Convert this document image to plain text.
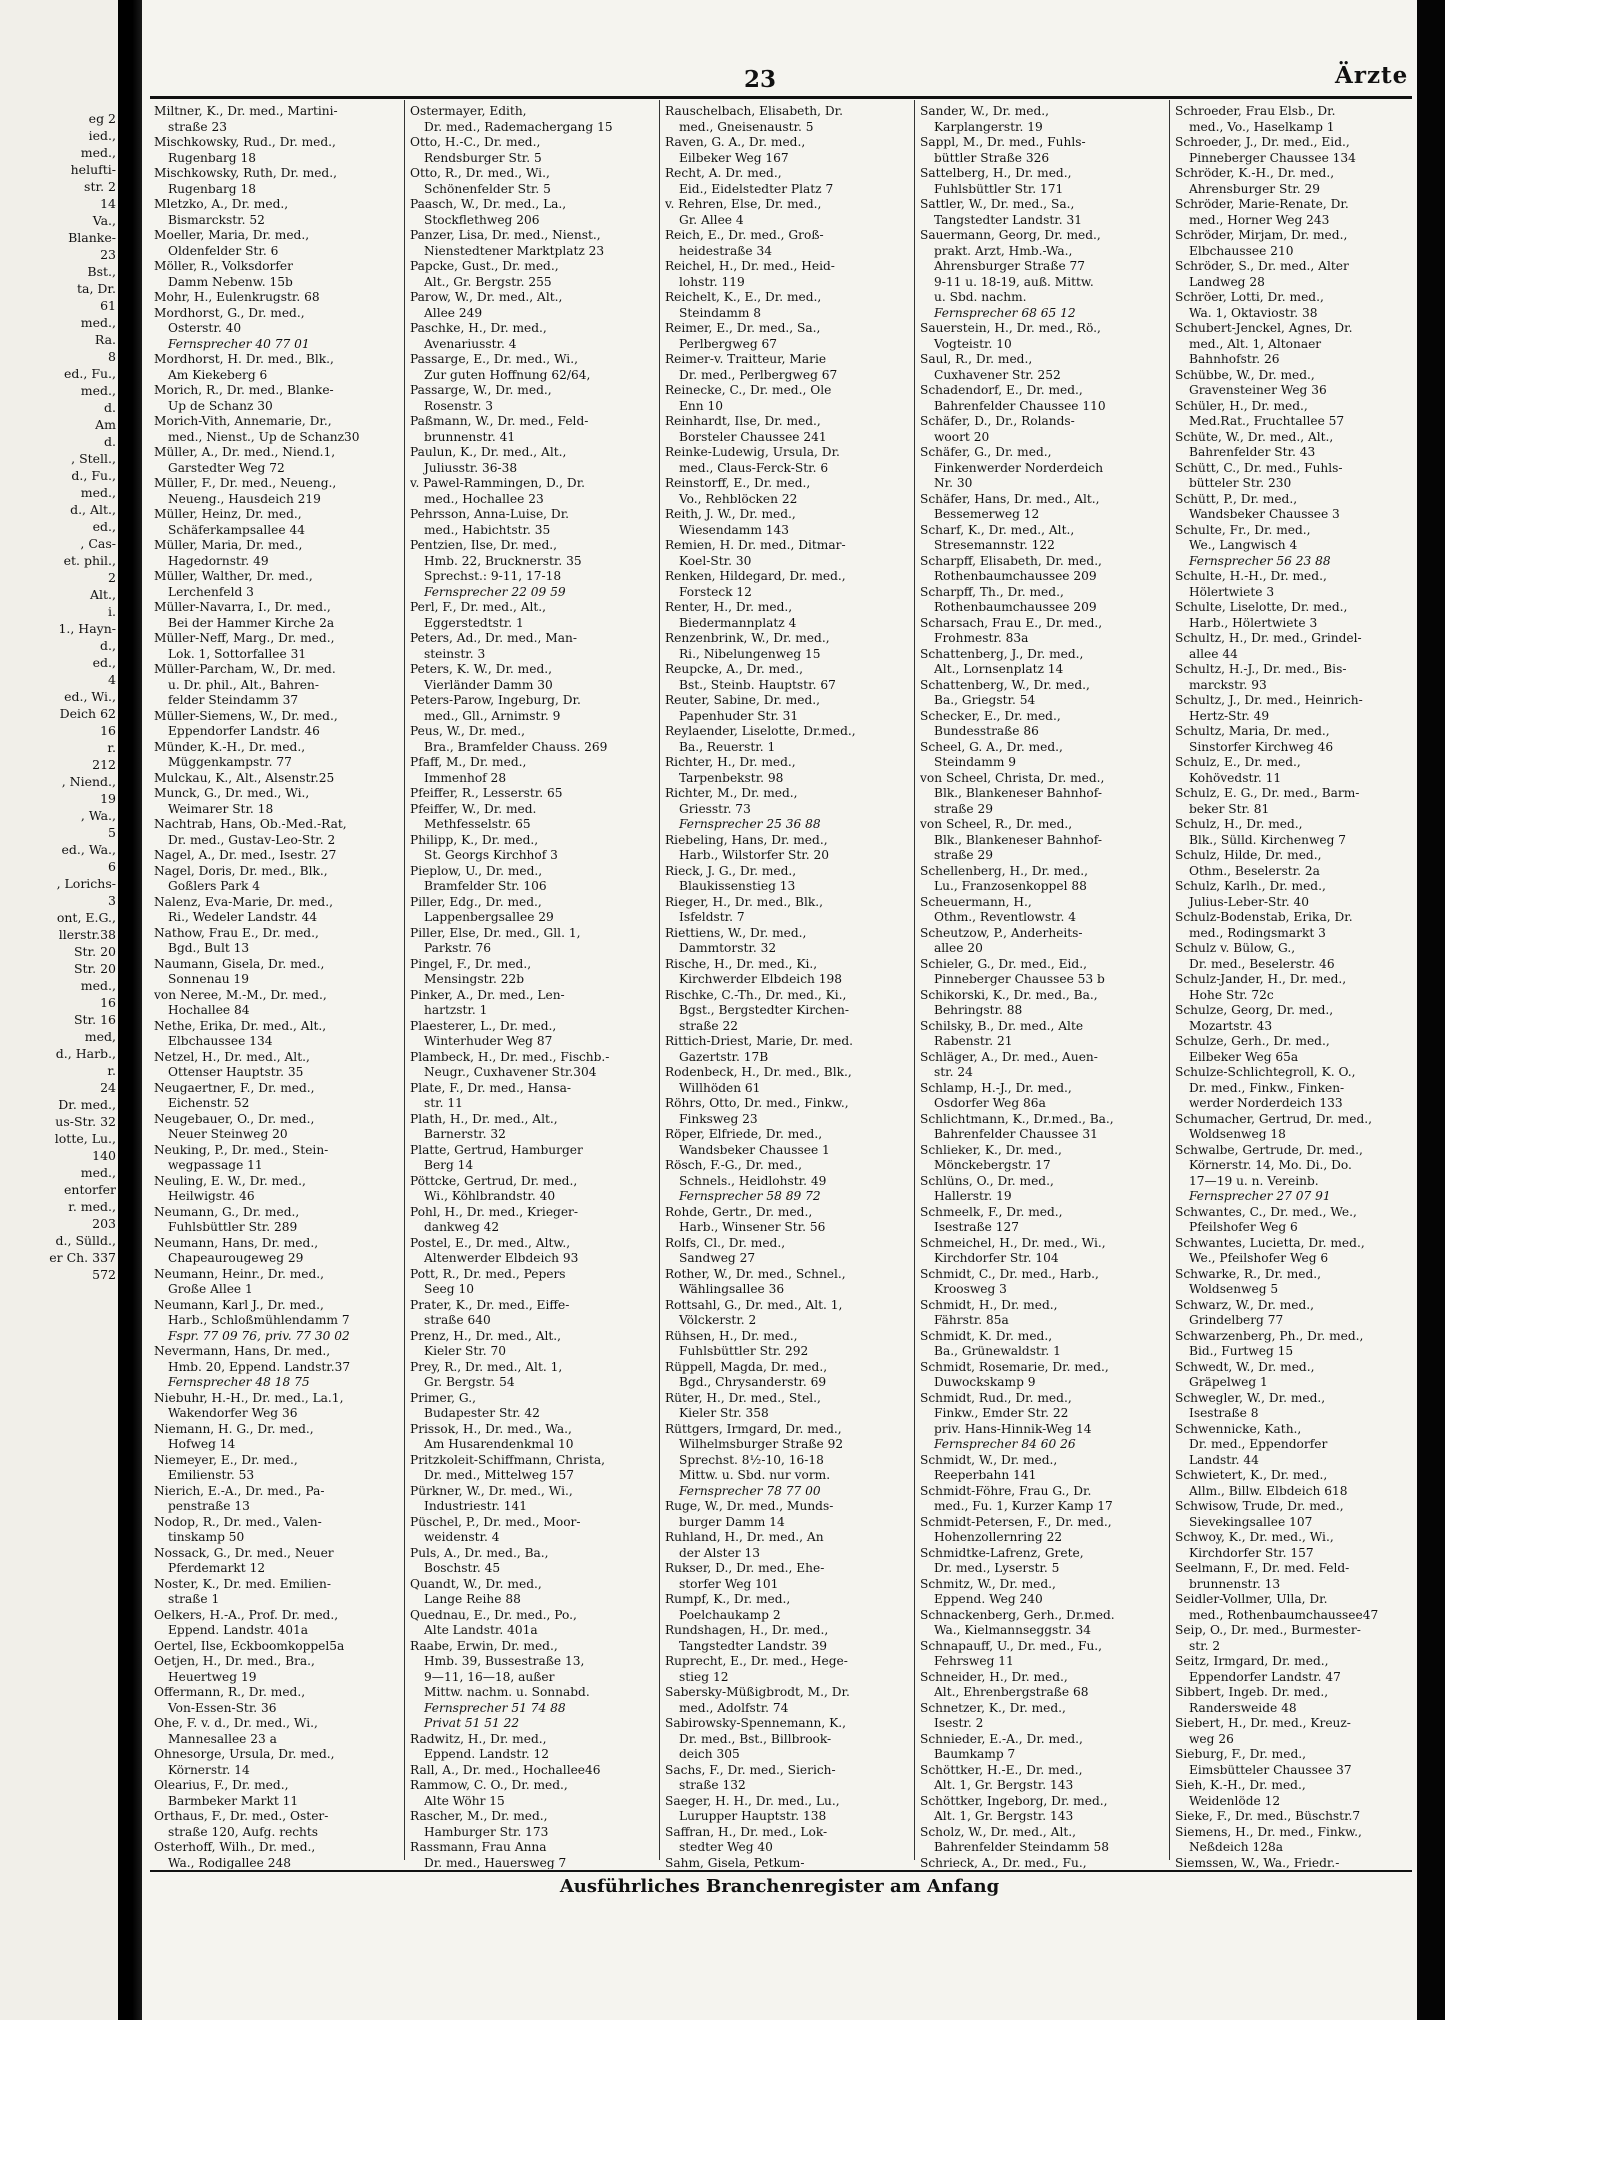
eg 2
ied.,
med.,
helufti-
str. 2
14
Va.,
Blanke-
23
Bst.,
ta, Dr.
61
med.,
Ra.
8
ed., Fu.,
med.,
d.
Am
d.
, Stell.,
d., Fu.,
med.,
d., Alt.,
ed.,
, Cas-
et. phil.,
2
Alt.,
i.
1., Hayn-
d.,
ed.,
4
ed., Wi.,
Deich 62
16
r.
212
, Niend.,
19
, Wa.,
5
ed., Wa.,
6
, Lorichs-
3
ont, E.G.,
llerstr.38
Str. 20
Str. 20
med.,
16
Str. 16
med,
d., Harb.,
r.
24
Dr. med.,
us-Str. 32
lotte, Lu.,
140
med.,
entorfer
r. med.,
203
d., Sülld.,
er Ch. 337
572
23	Ärzte
Miltner, K., Dr. med., Martini-
straße 23
Mischkowsky, Rud., Dr. med.,
Rugenbarg 18
Mischkowsky, Ruth, Dr. med.,
Rugenbarg 18
Mletzko, A., Dr. med.,
Bismarckstr. 52
Moeller, Maria, Dr. med.,
Oldenfelder Str. 6
Möller, R., Volksdorfer
Damm Nebenw. 15b
Mohr, H., Eulenkrugstr. 68
Mordhorst, G., Dr. med.,
Osterstr. 40
Fernsprecher 40 77 01
Mordhorst, H. Dr. med., Blk.,
Am Kiekeberg 6
Morich, R., Dr. med., Blanke-
Up de Schanz 30
Morich-Vith, Annemarie, Dr.,
med., Nienst., Up de Schanz30
Müller, A., Dr. med., Niend.1,
Garstedter Weg 72
Müller, F., Dr. med., Neueng.,
Neueng., Hausdeich 219
Müller, Heinz, Dr. med.,
Schäferkampsallee 44
Müller, Maria, Dr. med.,
Hagedornstr. 49
Müller, Walther, Dr. med.,
Lerchenfeld 3
Müller-Navarra, I., Dr. med.,
Bei der Hammer Kirche 2a
Müller-Neff, Marg., Dr. med.,
Lok. 1, Sottorfallee 31
Müller-Parcham, W., Dr. med.
u. Dr. phil., Alt., Bahren-
felder Steindamm 37
Müller-Siemens, W., Dr. med.,
Eppendorfer Landstr. 46
Münder, K.-H., Dr. med.,
Müggenkampstr. 77
Mulckau, K., Alt., Alsenstr.25
Munck, G., Dr. med., Wi.,
Weimarer Str. 18
Nachtrab, Hans, Ob.-Med.-Rat,
Dr. med., Gustav-Leo-Str. 2
Nagel, A., Dr. med., Isestr. 27
Nagel, Doris, Dr. med., Blk.,
Goßlers Park 4
Nalenz, Eva-Marie, Dr. med.,
Ri., Wedeler Landstr. 44
Nathow, Frau E., Dr. med.,
Bgd., Bult 13
Naumann, Gisela, Dr. med.,
Sonnenau 19
von Neree, M.-M., Dr. med.,
Hochallee 84
Nethe, Erika, Dr. med., Alt.,
Elbchaussee 134
Netzel, H., Dr. med., Alt.,
Ottenser Hauptstr. 35
Neugaertner, F., Dr. med.,
Eichenstr. 52
Neugebauer, O., Dr. med.,
Neuer Steinweg 20
Neuking, P., Dr. med., Stein-
wegpassage 11
Neuling, E. W., Dr. med.,
Heilwigstr. 46
Neumann, G., Dr. med.,
Fuhlsbüttler Str. 289
Neumann, Hans, Dr. med.,
Chapeaurougeweg 29
Neumann, Heinr., Dr. med.,
Große Allee 1
Neumann, Karl J., Dr. med.,
Harb., Schloßmühlendamm 7
Fspr. 77 09 76, priv. 77 30 02
Nevermann, Hans, Dr. med.,
Hmb. 20, Eppend. Landstr.37
Fernsprecher 48 18 75
Niebuhr, H.-H., Dr. med., La.1,
Wakendorfer Weg 36
Niemann, H. G., Dr. med.,
Hofweg 14
Niemeyer, E., Dr. med.,
Emilienstr. 53
Nierich, E.-A., Dr. med., Pa-
penstraße 13
Nodop, R., Dr. med., Valen-
tinskamp 50
Nossack, G., Dr. med., Neuer
Pferdemarkt 12
Noster, K., Dr. med. Emilien-
straße 1
Oelkers, H.-A., Prof. Dr. med.,
Eppend. Landstr. 401a
Oertel, Ilse, Eckboomkoppel5a
Oetjen, H., Dr. med., Bra.,
Heuertweg 19
Offermann, R., Dr. med.,
Von-Essen-Str. 36
Ohe, F. v. d., Dr. med., Wi.,
Mannesallee 23 a
Ohnesorge, Ursula, Dr. med.,
Körnerstr. 14
Olearius, F., Dr. med.,
Barmbeker Markt 11
Orthaus, F., Dr. med., Oster-
straße 120, Aufg. rechts
Osterhoff, Wilh., Dr. med.,
Wa., Rodigallee 248
Ostermayer, Edith,
Dr. med., Rademachergang 15
Otto, H.-C., Dr. med.,
Rendsburger Str. 5
Otto, R., Dr. med., Wi.,
Schönenfelder Str. 5
Paasch, W., Dr. med., La.,
Stockflethweg 206
Panzer, Lisa, Dr. med., Nienst.,
Nienstedtener Marktplatz 23
Papcke, Gust., Dr. med.,
Alt., Gr. Bergstr. 255
Parow, W., Dr. med., Alt.,
Allee 249
Paschke, H., Dr. med.,
Avenariusstr. 4
Passarge, E., Dr. med., Wi.,
Zur guten Hoffnung 62/64,
Passarge, W., Dr. med.,
Rosenstr. 3
Paßmann, W., Dr. med., Feld-
brunnenstr. 41
Paulun, K., Dr. med., Alt.,
Juliusstr. 36-38
v. Pawel-Rammingen, D., Dr.
med., Hochallee 23
Pehrsson, Anna-Luise, Dr.
med., Habichtstr. 35
Pentzien, Ilse, Dr. med.,
Hmb. 22, Brucknerstr. 35
Sprechst.: 9-11, 17-18
Fernsprecher 22 09 59
Perl, F., Dr. med., Alt.,
Eggerstedtstr. 1
Peters, Ad., Dr. med., Man-
steinstr. 3
Peters, K. W., Dr. med.,
Vierländer Damm 30
Peters-Parow, Ingeburg, Dr.
med., Gll., Arnimstr. 9
Peus, W., Dr. med.,
Bra., Bramfelder Chauss. 269
Pfaff, M., Dr. med.,
Immenhof 28
Pfeiffer, R., Lesserstr. 65
Pfeiffer, W., Dr. med.
Methfesselstr. 65
Philipp, K., Dr. med.,
St. Georgs Kirchhof 3
Pieplow, U., Dr. med.,
Bramfelder Str. 106
Piller, Edg., Dr. med.,
Lappenbergsallee 29
Piller, Else, Dr. med., Gll. 1,
Parkstr. 76
Pingel, F., Dr. med.,
Mensingstr. 22b
Pinker, A., Dr. med., Len-
hartzstr. 1
Plaesterer, L., Dr. med.,
Winterhuder Weg 87
Plambeck, H., Dr. med., Fischb.-
Neugr., Cuxhavener Str.304
Plate, F., Dr. med., Hansa-
str. 11
Plath, H., Dr. med., Alt.,
Barnerstr. 32
Platte, Gertrud, Hamburger
Berg 14
Pöttcke, Gertrud, Dr. med.,
Wi., Köhlbrandstr. 40
Pohl, H., Dr. med., Krieger-
dankweg 42
Postel, E., Dr. med., Altw.,
Altenwerder Elbdeich 93
Pott, R., Dr. med., Pepers
Seeg 10
Prater, K., Dr. med., Eiffe-
straße 640
Prenz, H., Dr. med., Alt.,
Kieler Str. 70
Prey, R., Dr. med., Alt. 1,
Gr. Bergstr. 54
Primer, G.,
Budapester Str. 42
Prissok, H., Dr. med., Wa.,
Am Husarendenkmal 10
Pritzkoleit-Schiffmann, Christa,
Dr. med., Mittelweg 157
Pürkner, W., Dr. med., Wi.,
Industriestr. 141
Püschel, P., Dr. med., Moor-
weidenstr. 4
Puls, A., Dr. med., Ba.,
Boschstr. 45
Quandt, W., Dr. med.,
Lange Reihe 88
Quednau, E., Dr. med., Po.,
Alte Landstr. 401a
Raabe, Erwin, Dr. med.,
Hmb. 39, Bussestraße 13,
9—11, 16—18, außer
Mittw. nachm. u. Sonnabd.
Fernsprecher 51 74 88
Privat 51 51 22
Radwitz, H., Dr. med.,
Eppend. Landstr. 12
Rall, A., Dr. med., Hochallee46
Rammow, C. O., Dr. med.,
Alte Wöhr 15
Rascher, M., Dr. med.,
Hamburger Str. 173
Rassmann, Frau Anna
Dr. med., Hauersweg 7
Rauschelbach, Elisabeth, Dr.
med., Gneisenaustr. 5
Raven, G. A., Dr. med.,
Eilbeker Weg 167
Recht, A. Dr. med.,
Eid., Eidelstedter Platz 7
v. Rehren, Else, Dr. med.,
Gr. Allee 4
Reich, E., Dr. med., Groß-
heidestraße 34
Reichel, H., Dr. med., Heid-
lohstr. 119
Reichelt, K., E., Dr. med.,
Steindamm 8
Reimer, E., Dr. med., Sa.,
Perlbergweg 67
Reimer-v. Traitteur, Marie
Dr. med., Perlbergweg 67
Reinecke, C., Dr. med., Ole
Enn 10
Reinhardt, Ilse, Dr. med.,
Borsteler Chaussee 241
Reinke-Ludewig, Ursula, Dr.
med., Claus-Ferck-Str. 6
Reinstorff, E., Dr. med.,
Vo., Rehblöcken 22
Reith, J. W., Dr. med.,
Wiesendamm 143
Remien, H. Dr. med., Ditmar-
Koel-Str. 30
Renken, Hildegard, Dr. med.,
Forsteck 12
Renter, H., Dr. med.,
Biedermannplatz 4
Renzenbrink, W., Dr. med.,
Ri., Nibelungenweg 15
Reupcke, A., Dr. med.,
Bst., Steinb. Hauptstr. 67
Reuter, Sabine, Dr. med.,
Papenhuder Str. 31
Reylaender, Liselotte, Dr.med.,
Ba., Reuerstr. 1
Richter, H., Dr. med.,
Tarpenbekstr. 98
Richter, M., Dr. med.,
Griesstr. 73
Fernsprecher 25 36 88
Riebeling, Hans, Dr. med.,
Harb., Wilstorfer Str. 20
Rieck, J. G., Dr. med.,
Blaukissenstieg 13
Rieger, H., Dr. med., Blk.,
Isfeldstr. 7
Riettiens, W., Dr. med.,
Dammtorstr. 32
Rische, H., Dr. med., Ki.,
Kirchwerder Elbdeich 198
Rischke, C.-Th., Dr. med., Ki.,
Bgst., Bergstedter Kirchen-
straße 22
Rittich-Driest, Marie, Dr. med.
Gazertstr. 17B
Rodenbeck, H., Dr. med., Blk.,
Willhöden 61
Röhrs, Otto, Dr. med., Finkw.,
Finksweg 23
Röper, Elfriede, Dr. med.,
Wandsbeker Chaussee 1
Rösch, F.-G., Dr. med.,
Schnels., Heidlohstr. 49
Fernsprecher 58 89 72
Rohde, Gertr., Dr. med.,
Harb., Winsener Str. 56
Rolfs, Cl., Dr. med.,
Sandweg 27
Rother, W., Dr. med., Schnel.,
Wählingsallee 36
Rottsahl, G., Dr. med., Alt. 1,
Völckerstr. 2
Rühsen, H., Dr. med.,
Fuhlsbüttler Str. 292
Rüppell, Magda, Dr. med.,
Bgd., Chrysanderstr. 69
Rüter, H., Dr. med., Stel.,
Kieler Str. 358
Rüttgers, Irmgard, Dr. med.,
Wilhelmsburger Straße 92
Sprechst. 8½-10, 16-18
Mittw. u. Sbd. nur vorm.
Fernsprecher 78 77 00
Ruge, W., Dr. med., Munds-
burger Damm 14
Ruhland, H., Dr. med., An
der Alster 13
Rukser, D., Dr. med., Ehe-
storfer Weg 101
Rumpf, K., Dr. med.,
Poelchaukamp 2
Rundshagen, H., Dr. med.,
Tangstedter Landstr. 39
Ruprecht, E., Dr. med., Hege-
stieg 12
Sabersky-Müßigbrodt, M., Dr.
med., Adolfstr. 74
Sabirowsky-Spennemann, K.,
Dr. med., Bst., Billbrook-
deich 305
Sachs, F., Dr. med., Sierich-
straße 132
Saeger, H. H., Dr. med., Lu.,
Lurupper Hauptstr. 138
Saffran, H., Dr. med., Lok-
stedter Weg 40
Sahm, Gisela, Petkum-
Sander, W., Dr. med.,
Karplangerstr. 19
Sappl, M., Dr. med., Fuhls-
büttler Straße 326
Sattelberg, H., Dr. med.,
Fuhlsbüttler Str. 171
Sattler, W., Dr. med., Sa.,
Tangstedter Landstr. 31
Sauermann, Georg, Dr. med.,
prakt. Arzt, Hmb.-Wa.,
Ahrensburger Straße 77
9-11 u. 18-19, auß. Mittw.
u. Sbd. nachm.
Fernsprecher 68 65 12
Sauerstein, H., Dr. med., Rö.,
Vogteistr. 10
Saul, R., Dr. med.,
Cuxhavener Str. 252
Schadendorf, E., Dr. med.,
Bahrenfelder Chaussee 110
Schäfer, D., Dr., Rolands-
woort 20
Schäfer, G., Dr. med.,
Finkenwerder Norderdeich
Nr. 30
Schäfer, Hans, Dr. med., Alt.,
Bessemerweg 12
Scharf, K., Dr. med., Alt.,
Stresemannstr. 122
Scharpff, Elisabeth, Dr. med.,
Rothenbaumchaussee 209
Scharpff, Th., Dr. med.,
Rothenbaumchaussee 209
Scharsach, Frau E., Dr. med.,
Frohmestr. 83a
Schattenberg, J., Dr. med.,
Alt., Lornsenplatz 14
Schattenberg, W., Dr. med.,
Ba., Griegstr. 54
Schecker, E., Dr. med.,
Bundesstraße 86
Scheel, G. A., Dr. med.,
Steindamm 9
von Scheel, Christa, Dr. med.,
Blk., Blankeneser Bahnhof-
straße 29
von Scheel, R., Dr. med.,
Blk., Blankeneser Bahnhof-
straße 29
Schellenberg, H., Dr. med.,
Lu., Franzosenkoppel 88
Scheuermann, H.,
Othm., Reventlowstr. 4
Scheutzow, P., Anderheits-
allee 20
Schieler, G., Dr. med., Eid.,
Pinneberger Chaussee 53 b
Schikorski, K., Dr. med., Ba.,
Behringstr. 88
Schilsky, B., Dr. med., Alte
Rabenstr. 21
Schläger, A., Dr. med., Auen-
str. 24
Schlamp, H.-J., Dr. med.,
Osdorfer Weg 86a
Schlichtmann, K., Dr.med., Ba.,
Bahrenfelder Chaussee 31
Schlieker, K., Dr. med.,
Mönckebergstr. 17
Schlüns, O., Dr. med.,
Hallerstr. 19
Schmeelk, F., Dr. med.,
Isestraße 127
Schmeichel, H., Dr. med., Wi.,
Kirchdorfer Str. 104
Schmidt, C., Dr. med., Harb.,
Kroosweg 3
Schmidt, H., Dr. med.,
Fährstr. 85a
Schmidt, K. Dr. med.,
Ba., Grünewaldstr. 1
Schmidt, Rosemarie, Dr. med.,
Duwockskamp 9
Schmidt, Rud., Dr. med.,
Finkw., Emder Str. 22
priv. Hans-Hinnik-Weg 14
Fernsprecher 84 60 26
Schmidt, W., Dr. med.,
Reeperbahn 141
Schmidt-Föhre, Frau G., Dr.
med., Fu. 1, Kurzer Kamp 17
Schmidt-Petersen, F., Dr. med.,
Hohenzollernring 22
Schmidtke-Lafrenz, Grete,
Dr. med., Lyserstr. 5
Schmitz, W., Dr. med.,
Eppend. Weg 240
Schnackenberg, Gerh., Dr.med.
Wa., Kielmannseggstr. 34
Schnapauff, U., Dr. med., Fu.,
Fehrsweg 11
Schneider, H., Dr. med.,
Alt., Ehrenbergstraße 68
Schnetzer, K., Dr. med.,
Isestr. 2
Schnieder, E.-A., Dr. med.,
Baumkamp 7
Schöttker, H.-E., Dr. med.,
Alt. 1, Gr. Bergstr. 143
Schöttker, Ingeborg, Dr. med.,
Alt. 1, Gr. Bergstr. 143
Scholz, W., Dr. med., Alt.,
Bahrenfelder Steindamm 58
Schrieck, A., Dr. med., Fu.,
Schroeder, Frau Elsb., Dr.
med., Vo., Haselkamp 1
Schroeder, J., Dr. med., Eid.,
Pinneberger Chaussee 134
Schröder, K.-H., Dr. med.,
Ahrensburger Str. 29
Schröder, Marie-Renate, Dr.
med., Horner Weg 243
Schröder, Mirjam, Dr. med.,
Elbchaussee 210
Schröder, S., Dr. med., Alter
Landweg 28
Schröer, Lotti, Dr. med.,
Wa. 1, Oktaviostr. 38
Schubert-Jenckel, Agnes, Dr.
med., Alt. 1, Altonaer
Bahnhofstr. 26
Schübbe, W., Dr. med.,
Gravensteiner Weg 36
Schüler, H., Dr. med.,
Med.Rat., Fruchtallee 57
Schüte, W., Dr. med., Alt.,
Bahrenfelder Str. 43
Schütt, C., Dr. med., Fuhls-
bütteler Str. 230
Schütt, P., Dr. med.,
Wandsbeker Chaussee 3
Schulte, Fr., Dr. med.,
We., Langwisch 4
Fernsprecher 56 23 88
Schulte, H.-H., Dr. med.,
Hölertwiete 3
Schulte, Liselotte, Dr. med.,
Harb., Hölertwiete 3
Schultz, H., Dr. med., Grindel-
allee 44
Schultz, H.-J., Dr. med., Bis-
marckstr. 93
Schultz, J., Dr. med., Heinrich-
Hertz-Str. 49
Schultz, Maria, Dr. med.,
Sinstorfer Kirchweg 46
Schulz, E., Dr. med.,
Kohövedstr. 11
Schulz, E. G., Dr. med., Barm-
beker Str. 81
Schulz, H., Dr. med.,
Blk., Sülld. Kirchenweg 7
Schulz, Hilde, Dr. med.,
Othm., Beselerstr. 2a
Schulz, Karlh., Dr. med.,
Julius-Leber-Str. 40
Schulz-Bodenstab, Erika, Dr.
med., Rodingsmarkt 3
Schulz v. Bülow, G.,
Dr. med., Beselerstr. 46
Schulz-Jander, H., Dr. med.,
Hohe Str. 72c
Schulze, Georg, Dr. med.,
Mozartstr. 43
Schulze, Gerh., Dr. med.,
Eilbeker Weg 65a
Schulze-Schlichtegroll, K. O.,
Dr. med., Finkw., Finken-
werder Norderdeich 133
Schumacher, Gertrud, Dr. med.,
Woldsenweg 18
Schwalbe, Gertrude, Dr. med.,
Körnerstr. 14, Mo. Di., Do.
17—19 u. n. Vereinb.
Fernsprecher 27 07 91
Schwantes, C., Dr. med., We.,
Pfeilshofer Weg 6
Schwantes, Lucietta, Dr. med.,
We., Pfeilshofer Weg 6
Schwarke, R., Dr. med.,
Woldsenweg 5
Schwarz, W., Dr. med.,
Grindelberg 77
Schwarzenberg, Ph., Dr. med.,
Bid., Furtweg 15
Schwedt, W., Dr. med.,
Gräpelweg 1
Schwegler, W., Dr. med.,
Isestraße 8
Schwennicke, Kath.,
Dr. med., Eppendorfer
Landstr. 44
Schwietert, K., Dr. med.,
Allm., Billw. Elbdeich 618
Schwisow, Trude, Dr. med.,
Sievekingsallee 107
Schwoy, K., Dr. med., Wi.,
Kirchdorfer Str. 157
Seelmann, F., Dr. med. Feld-
brunnenstr. 13
Seidler-Vollmer, Ulla, Dr.
med., Rothenbaumchaussee47
Seip, O., Dr. med., Burmester-
str. 2
Seitz, Irmgard, Dr. med.,
Eppendorfer Landstr. 47
Sibbert, Ingeb. Dr. med.,
Randersweide 48
Siebert, H., Dr. med., Kreuz-
weg 26
Sieburg, F., Dr. med.,
Eimsbütteler Chaussee 37
Sieh, K.-H., Dr. med.,
Weidenlöde 12
Sieke, F., Dr. med., Büschstr.7
Siemens, H., Dr. med., Finkw.,
Neßdeich 128a
Siemssen, W., Wa., Friedr.-
Ausführliches Branchenregister am Anfang
